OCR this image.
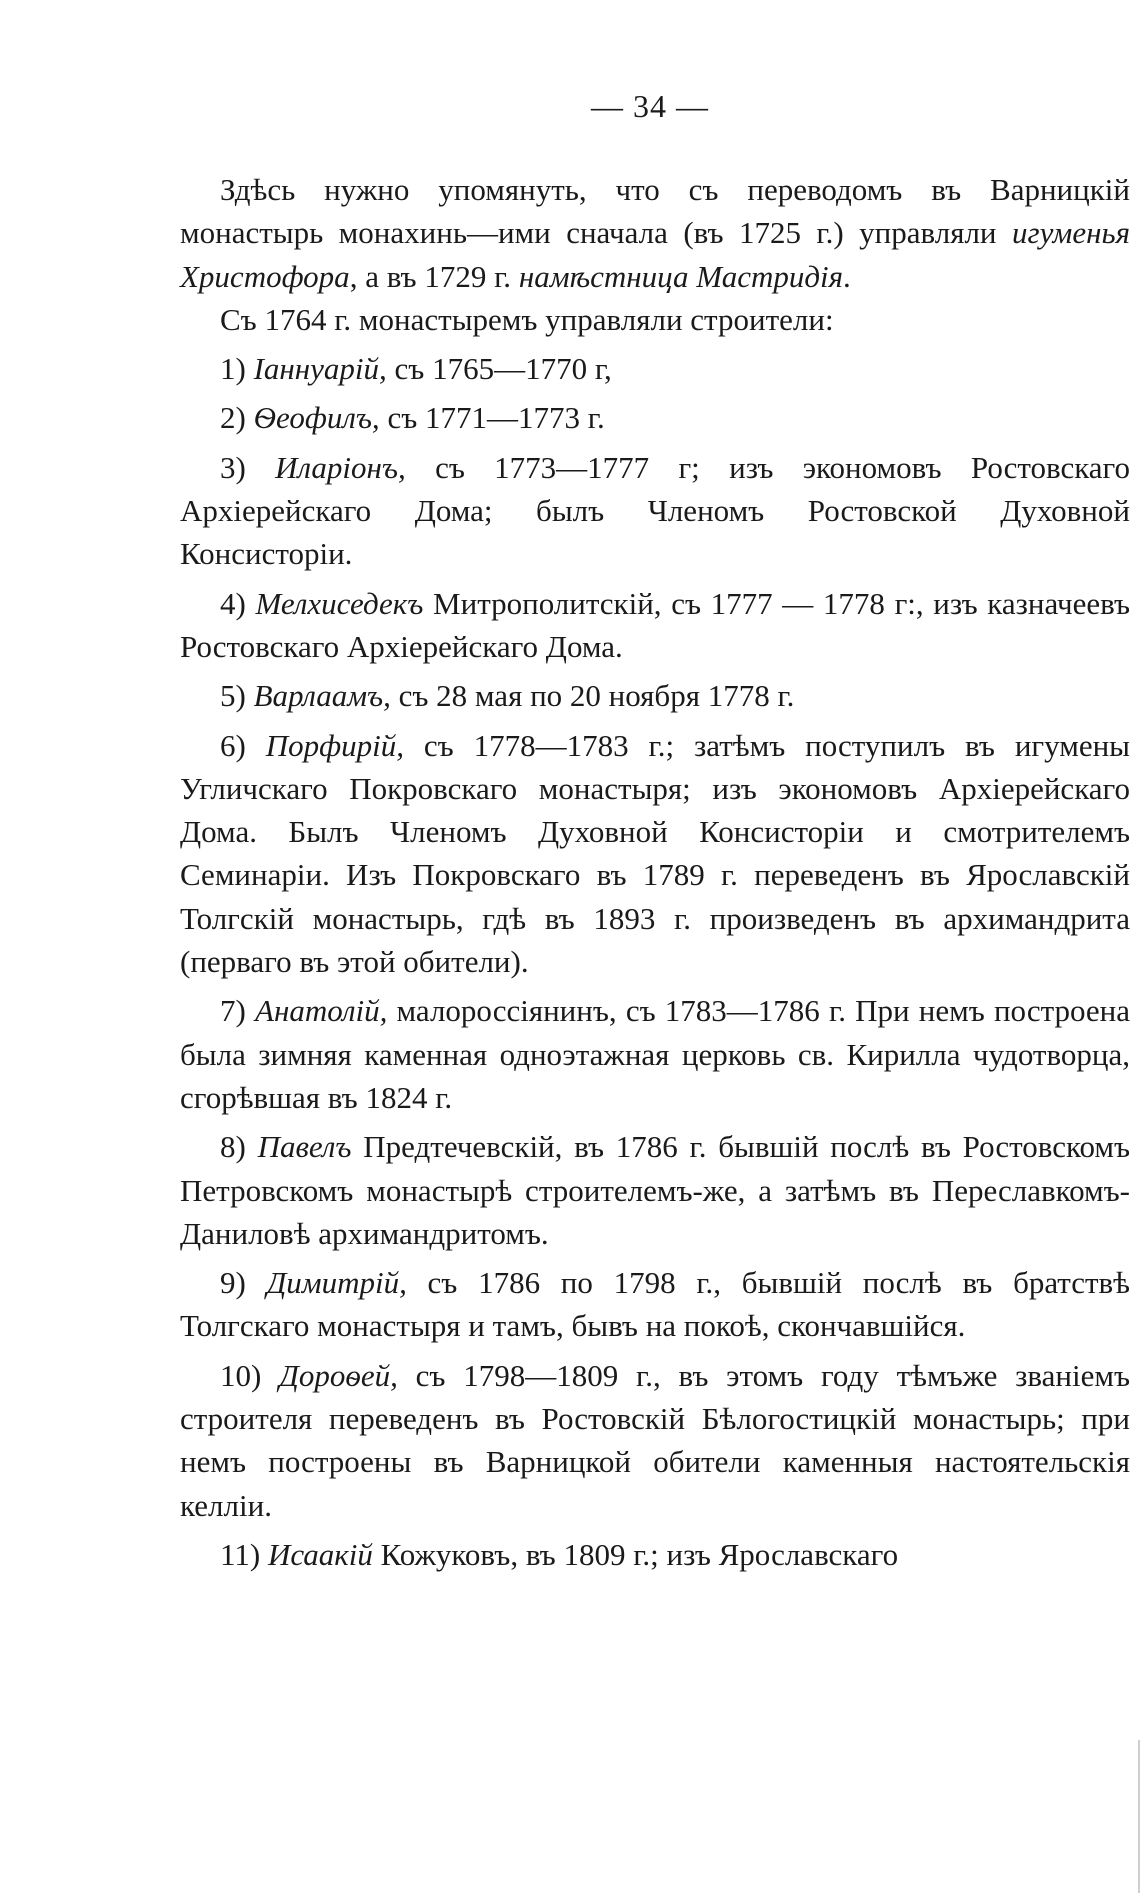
— 34 —

Здѣсь нужно упомянуть, что съ переводомъ въ Варницкій монастырь монахинь—ими сначала (въ 1725 г.) управляли игуменья Христофора, а въ 1729 г. намѣстница Мастридія.

Съ 1764 г. монастыремъ управляли строители:

1) Іаннуарій, съ 1765—1770 г,

2) Ѳеофилъ, съ 1771—1773 г.

3) Иларіонъ, съ 1773—1777 г; изъ экономовъ Ростовскаго Архіерейскаго Дома; былъ Членомъ Ростовской Духовной Консисторіи.

4) Мелхиседекъ Митрополитскій, съ 1777 — 1778 г:, изъ казначеевъ Ростовскаго Архіерейскаго Дома.

5) Варлаамъ, съ 28 мая по 20 ноября 1778 г.

6) Порфирій, съ 1778—1783 г.; затѣмъ поступилъ въ игумены Угличскаго Покровскаго монастыря; изъ экономовъ Архіерейскаго Дома. Былъ Членомъ Духовной Консисторіи и смотрителемъ Семинаріи. Изъ Покровскаго въ 1789 г. переведенъ въ Ярославскій Толгскій монастырь, гдѣ въ 1893 г. произведенъ въ архимандрита (перваго въ этой обители).

7) Анатолій, малороссіянинъ, съ 1783—1786 г. При немъ построена была зимняя каменная одноэтажная церковь св. Кирилла чудотворца, сгорѣвшая въ 1824 г.

8) Павелъ Предтечевскій, въ 1786 г. бывшій послѣ въ Ростовскомъ Петровскомъ монастырѣ строителемъ-же, а затѣмъ въ Переславкомъ-Даниловѣ архимандритомъ.

9) Димитрій, съ 1786 по 1798 г., бывшій послѣ въ братствѣ Толгскаго монастыря и тамъ, бывъ на покоѣ, скончавшійся.

10) Дороѳей, съ 1798—1809 г., въ этомъ году тѣмъже званіемъ строителя переведенъ въ Ростовскій Бѣлогостицкій монастырь; при немъ построены въ Варницкой обители каменныя настоятельскія келліи.

11) Исаакій Кожуковъ, въ 1809 г.; изъ Ярославскаго
